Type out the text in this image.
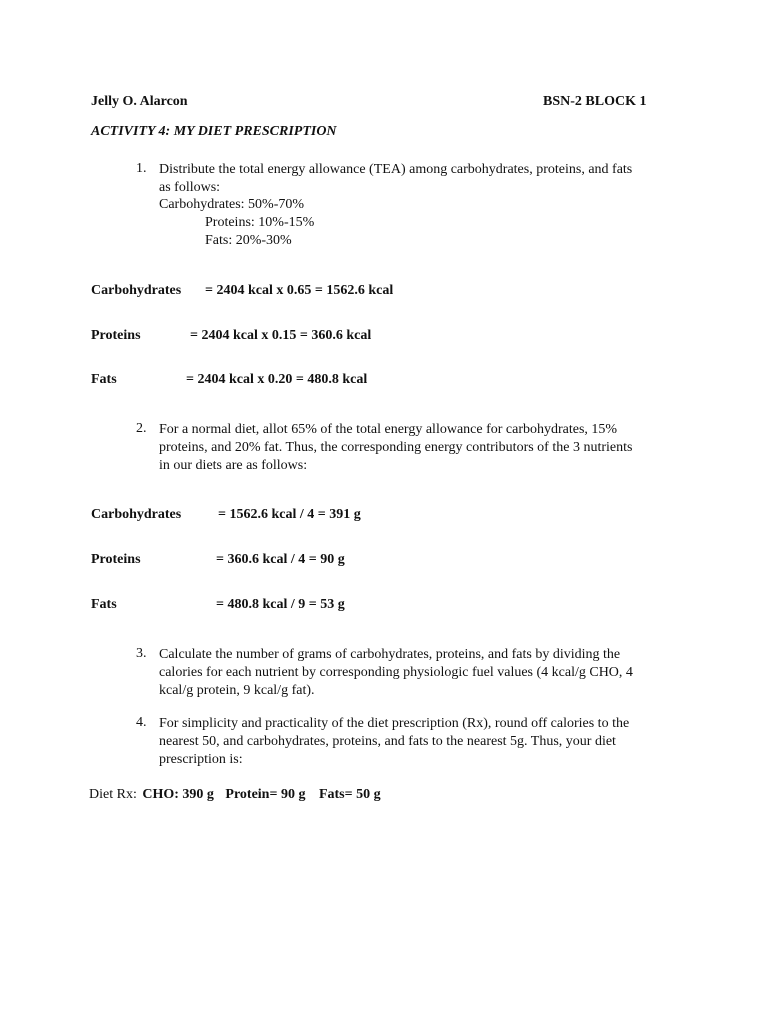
Jelly O. Alarcon	BSN-2 BLOCK 1
ACTIVITY 4: MY DIET PRESCRIPTION
1. Distribute the total energy allowance (TEA) among carbohydrates, proteins, and fats
as follows:
Carbohydrates: 50%-70%
Proteins: 10%-15%
Fats: 20%-30%
Carbohydrates = 2404 kcal x 0.65 = 1562.6 kcal
Proteins	= 2404 kcal x 0.15 = 360.6 kcal
Fats	= 2404 kcal x 0.20 = 480.8 kcal
2. For a normal diet, allot 65% of the total energy allowance for carbohydrates, 15%
proteins, and 20% fat. Thus, the corresponding energy contributors of the 3 nutrients
in our diets are as follows:
Carbohydrates	= 1562.6 kcal / 4 = 391 g
Proteins	= 360.6 kcal / 4 = 90 g
Fats	= 480.8 kcal / 9 = 53 g
3. Calculate the number of grams of carbohydrates, proteins, and fats by dividing the
calories for each nutrient by corresponding physiologic fuel values (4 kcal/g CHO, 4
kcal/g protein, 9 kcal/g fat).
4. For simplicity and practicality of the diet prescription (Rx), round off calories to the
nearest 50, and carbohydrates, proteins, and fats to the nearest 5g. Thus, your diet
prescription is:
Diet Rx: CHO: 390 g Protein= 90 g Fats= 50 g
